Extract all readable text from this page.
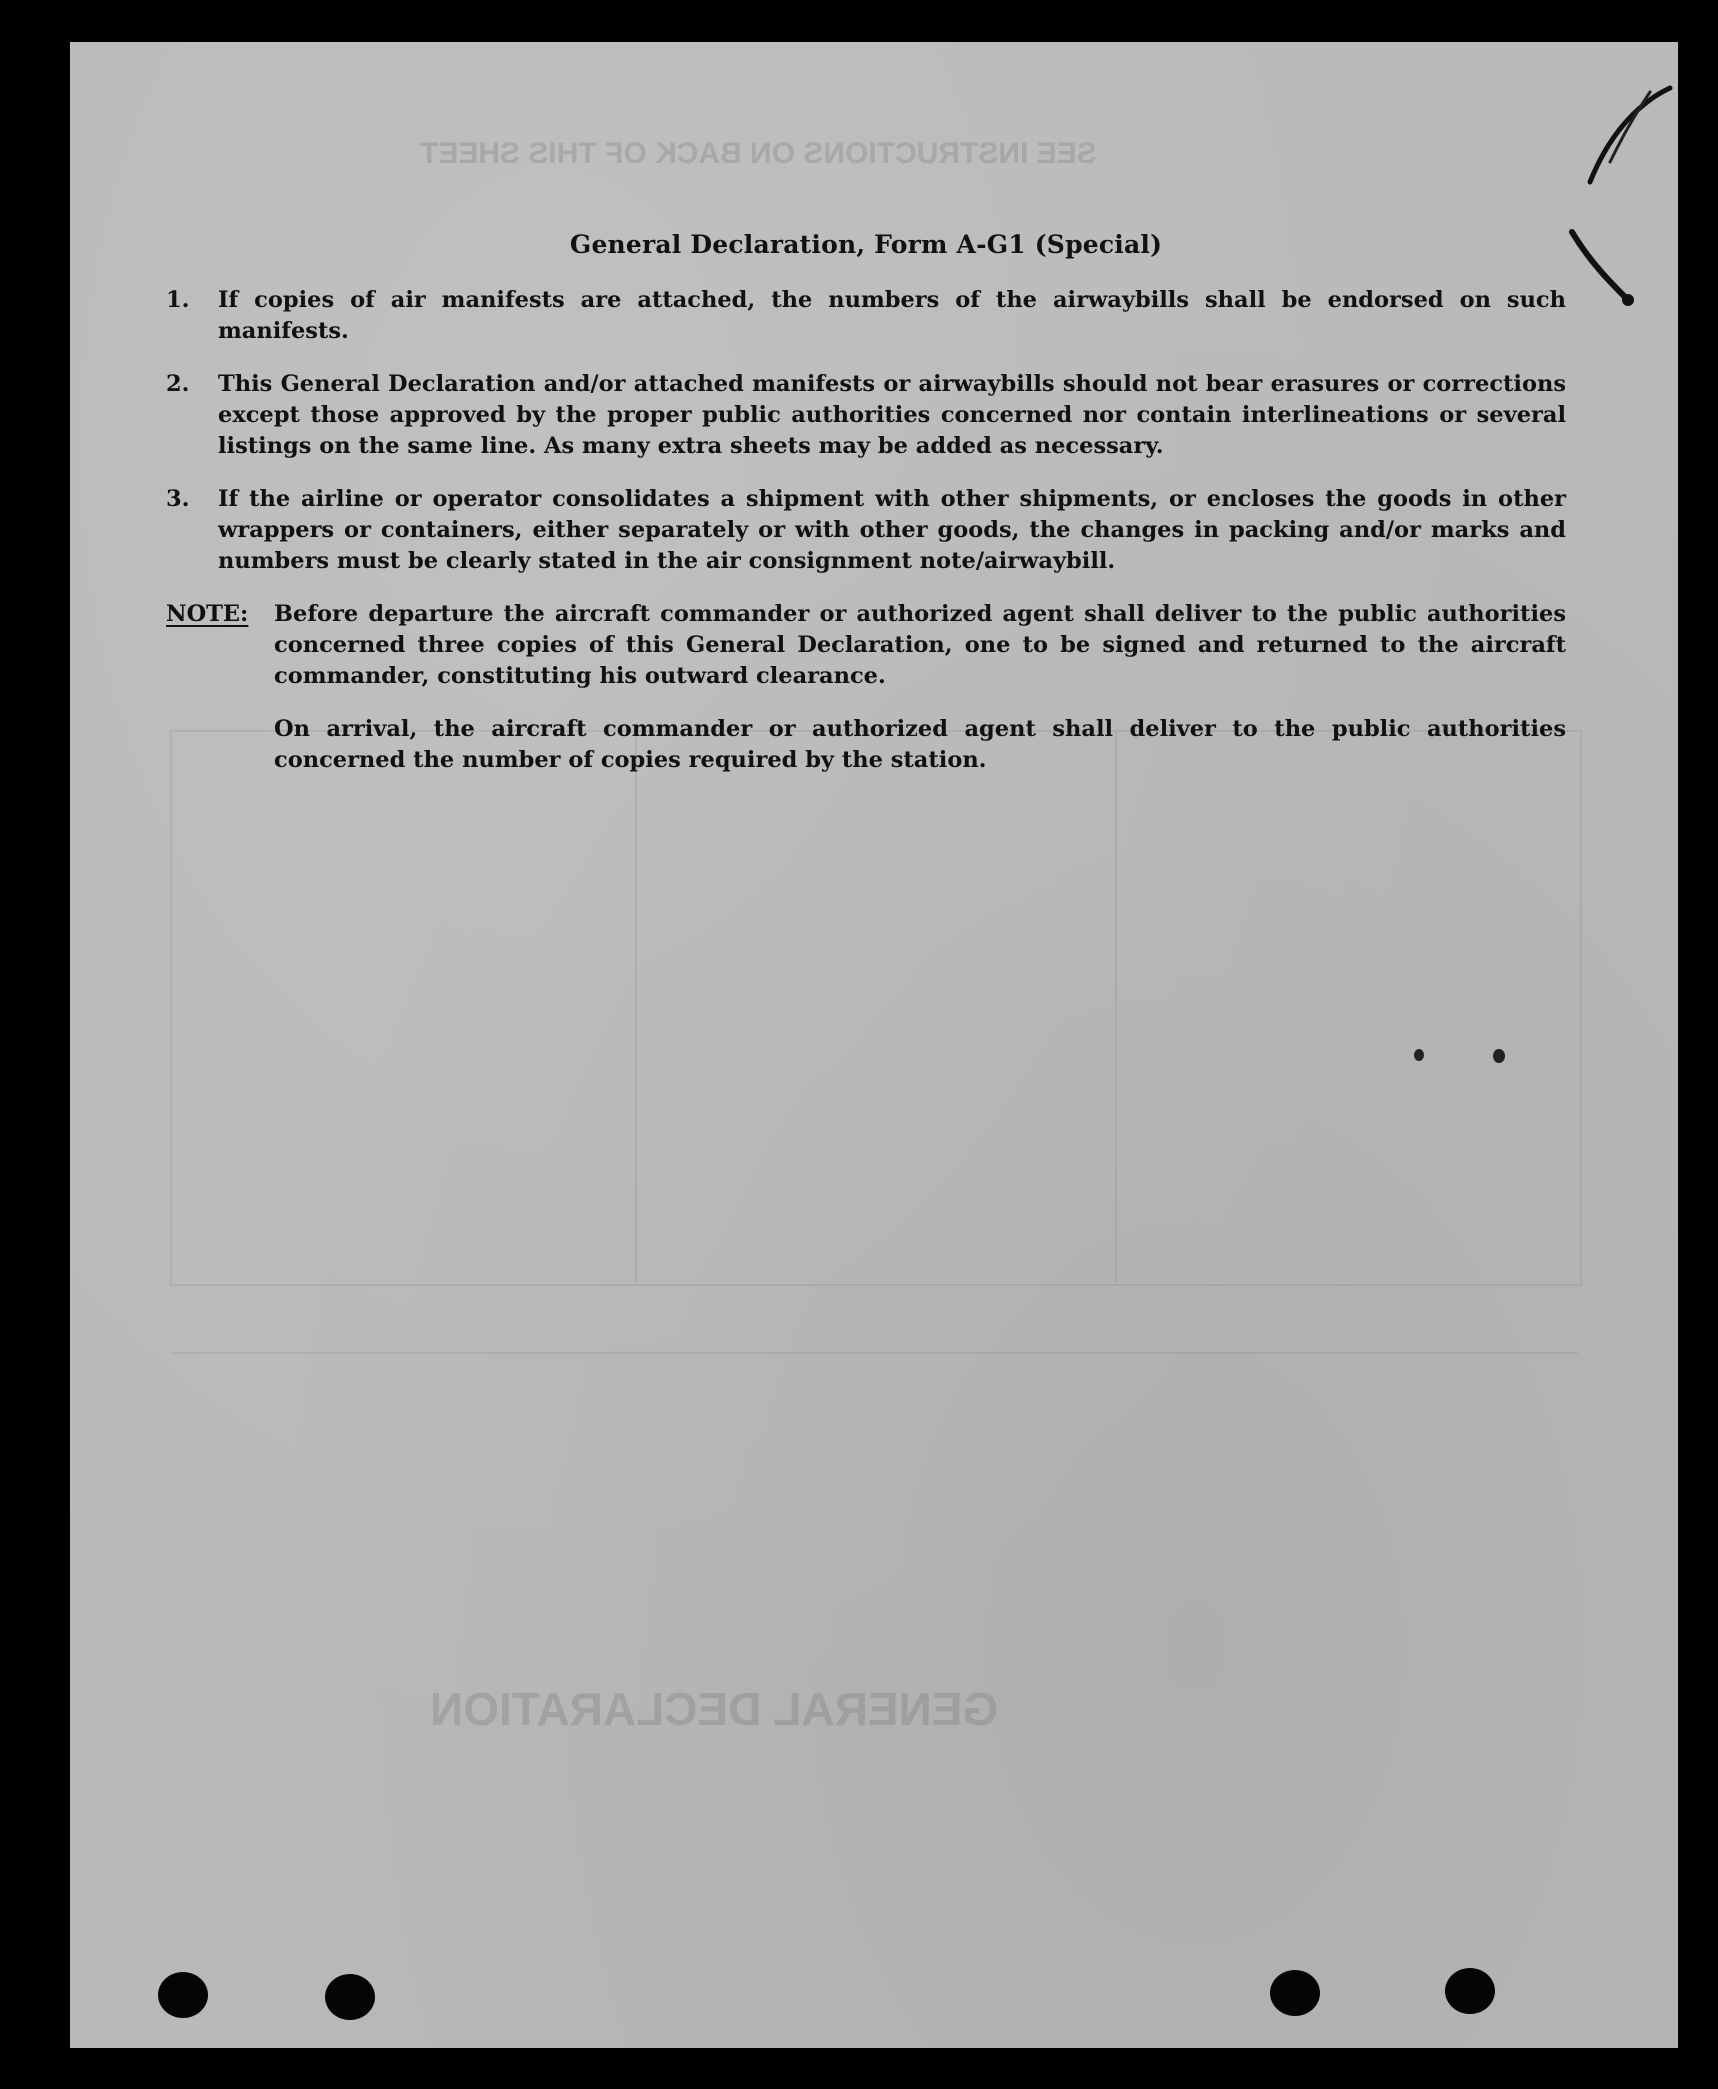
GENERAL DECLARATION
SEE INSTRUCTIONS ON BACK OF THIS SHEET
General Declaration, Form A-G1 (Special)
1.	If copies of air manifests are attached, the numbers of the airwaybills shall be endorsed on such manifests.
2.	This General Declaration and/or attached manifests or airwaybills should not bear erasures or corrections except those approved by the proper public authorities concerned nor contain interlineations or several listings on the same line. As many extra sheets may be added as necessary.
3.	If the airline or operator consolidates a shipment with other shipments, or encloses the goods in other wrappers or containers, either separately or with other goods, the changes in packing and/or marks and numbers must be clearly stated in the air consignment note/airwaybill.
NOTE:	Before departure the aircraft commander or authorized agent shall deliver to the public authorities concerned three copies of this General Declaration, one to be signed and returned to the aircraft commander, constituting his outward clearance.

On arrival, the aircraft commander or authorized agent shall deliver to the public authorities concerned the number of copies required by the station.
